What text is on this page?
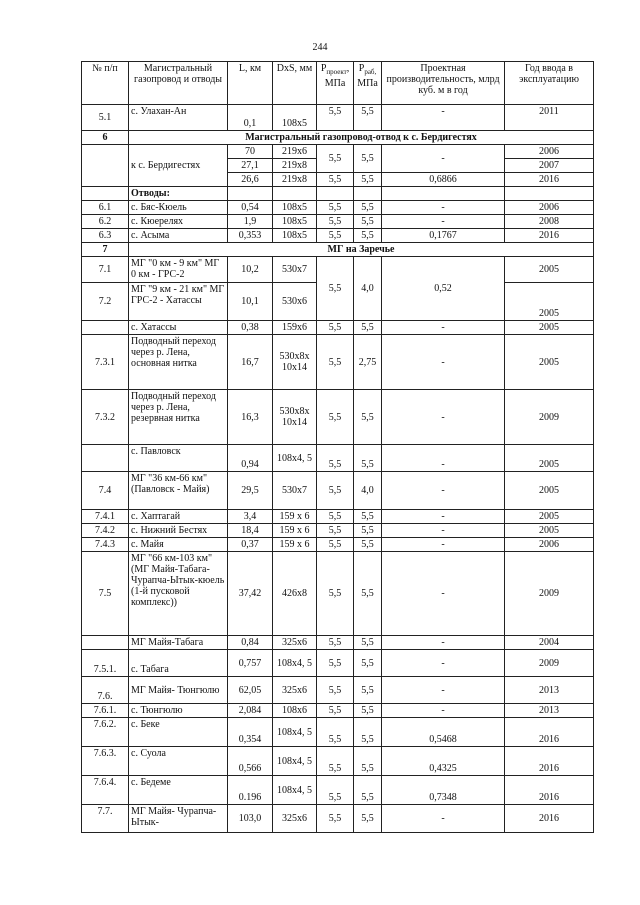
244
№ п/п	Магистральный газопровод и отводы	L, км	DxS, мм	$P_{проект}$, МПа	$P_{раб,}$ МПа	Проектная производительность, млрд куб. м в год	Год ввода в эксплуатацию
5.1	с. Улахан-Ан	0,1	108x5	5,5	5,5	-	2011
6	Магистральный газопровод-отвод к с. Бердигестях						
	к с. Бердигестях	70	219x6	5,5	5,5	-	2006
		27,1	219x8				2007
		26,6	219x8	5,5	5,5	0,6866	2016
	Отводы:						
6.1	с. Бяс-Кюель	0,54	108x5	5,5	5,5	-	2006
6.2	с. Кюерелях	1,9	108x5	5,5	5,5	-	2008
6.3	с. Асыма	0,353	108x5	5,5	5,5	0,1767	2016
7	МГ на Заречье						
7.1	МГ "0 км - 9 км" МГ 0 км - ГРС-2	10,2	530x7	5,5	4,0	0,52	2005
7.2	МГ "9 км - 21 км" МГ ГРС-2 - Хатассы	10,1	530x6				2005
	с. Хатассы	0,38	159x6	5,5	5,5	-	2005
7.3.1	Подводный переход через р. Лена, основная нитка	16,7	530x8x 10x14	5,5	2,75	-	2005
7.3.2	Подводный переход через р. Лена, резервная нитка	16,3	530x8x 10x14	5,5	5,5	-	2009
	с. Павловск	0,94	108x4, 5	5,5	5,5	-	2005
7.4	МГ "36 км-66 км" (Павловск - Майя)	29,5	530x7	5,5	4,0	-	2005
7.4.1	с. Хаптагай	3,4	159 x 6	5,5	5,5	-	2005
7.4.2	с. Нижний Бестях	18,4	159 x 6	5,5	5,5	-	2005
7.4.3	с. Майя	0,37	159 x 6	5,5	5,5	-	2006
7.5	МГ "66 км-103 км" (МГ Майя-Табага- Чурапча-Ытык-кюель (1-й пусковой комплекс))	37,42	426x8	5,5	5,5	-	2009
	МГ Майя-Табага	0,84	325x6	5,5	5,5	-	2004
7.5.1.	с. Табага	0,757	108x4, 5	5,5	5,5	-	2009
7.6.	МГ Майя- Тюнгюлю	62,05	325x6	5,5	5,5	-	2013
7.6.1.	с. Тюнгюлю	2,084	108x6	5,5	5,5	-	2013
7.6.2.	с. Беке	0,354	108x4, 5	5,5	5,5	0,5468	2016
7.6.3.	с. Суола	0,566	108x4, 5	5,5	5,5	0,4325	2016
7.6.4.	с. Бедеме	0.196	108x4, 5	5,5	5,5	0,7348	2016
7.7.	МГ Майя- Чурапча-Ытык-	103,0	325x6	5,5	5,5	-	2016
